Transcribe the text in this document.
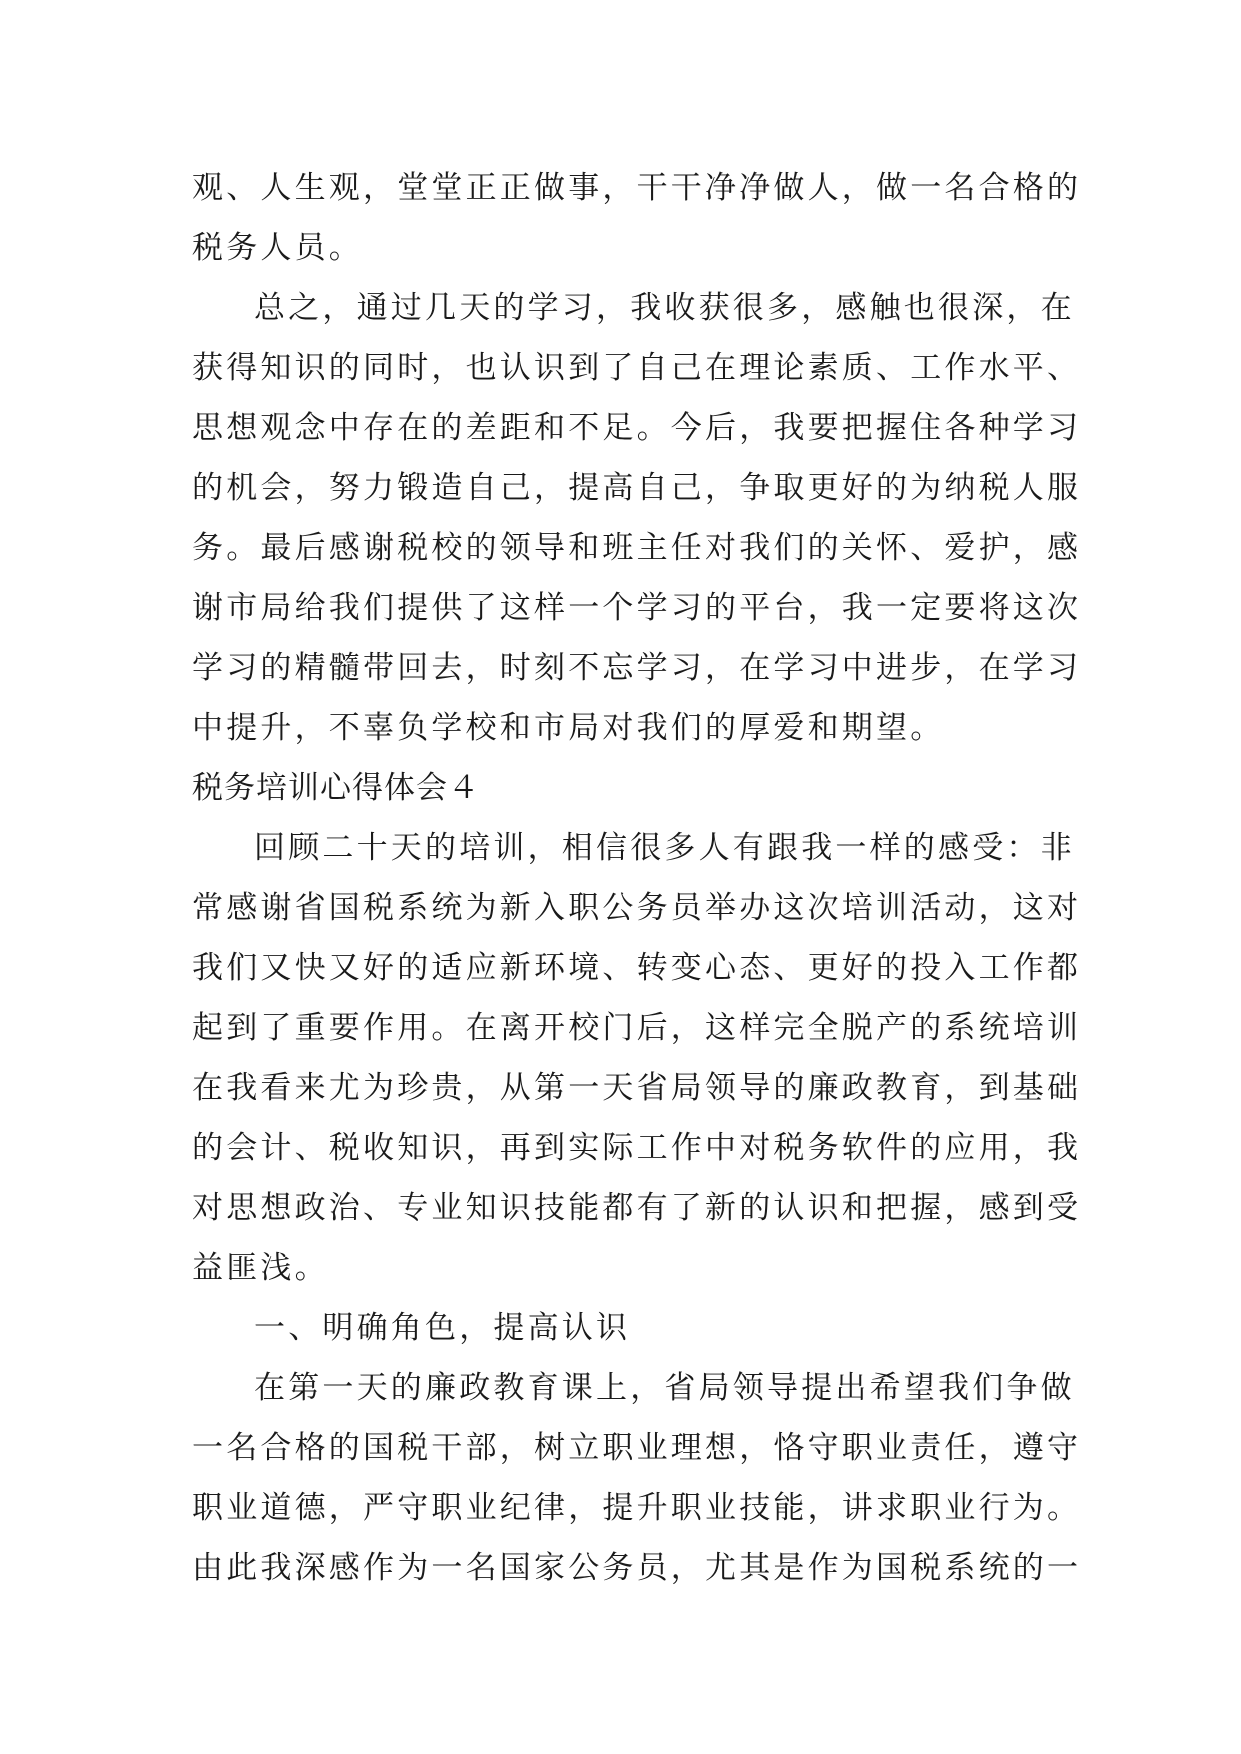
观、人生观，堂堂正正做事，干干净净做人，做一名合格的
税务人员。
总之，通过几天的学习，我收获很多，感触也很深，在
获得知识的同时，也认识到了自己在理论素质、工作水平、
思想观念中存在的差距和不足。今后，我要把握住各种学习
的机会，努力锻造自己，提高自己，争取更好的为纳税人服
务。最后感谢税校的领导和班主任对我们的关怀、爱护，感
谢市局给我们提供了这样一个学习的平台，我一定要将这次
学习的精髓带回去，时刻不忘学习，在学习中进步，在学习
中提升，不辜负学校和市局对我们的厚爱和期望。
税务培训心得体会４
回顾二十天的培训，相信很多人有跟我一样的感受：非
常感谢省国税系统为新入职公务员举办这次培训活动，这对
我们又快又好的适应新环境、转变心态、更好的投入工作都
起到了重要作用。在离开校门后，这样完全脱产的系统培训
在我看来尤为珍贵，从第一天省局领导的廉政教育，到基础
的会计、税收知识，再到实际工作中对税务软件的应用，我
对思想政治、专业知识技能都有了新的认识和把握，感到受
益匪浅。
一、明确角色，提高认识
在第一天的廉政教育课上，省局领导提出希望我们争做
一名合格的国税干部，树立职业理想，恪守职业责任，遵守
职业道德，严守职业纪律，提升职业技能，讲求职业行为。
由此我深感作为一名国家公务员，尤其是作为国税系统的一
